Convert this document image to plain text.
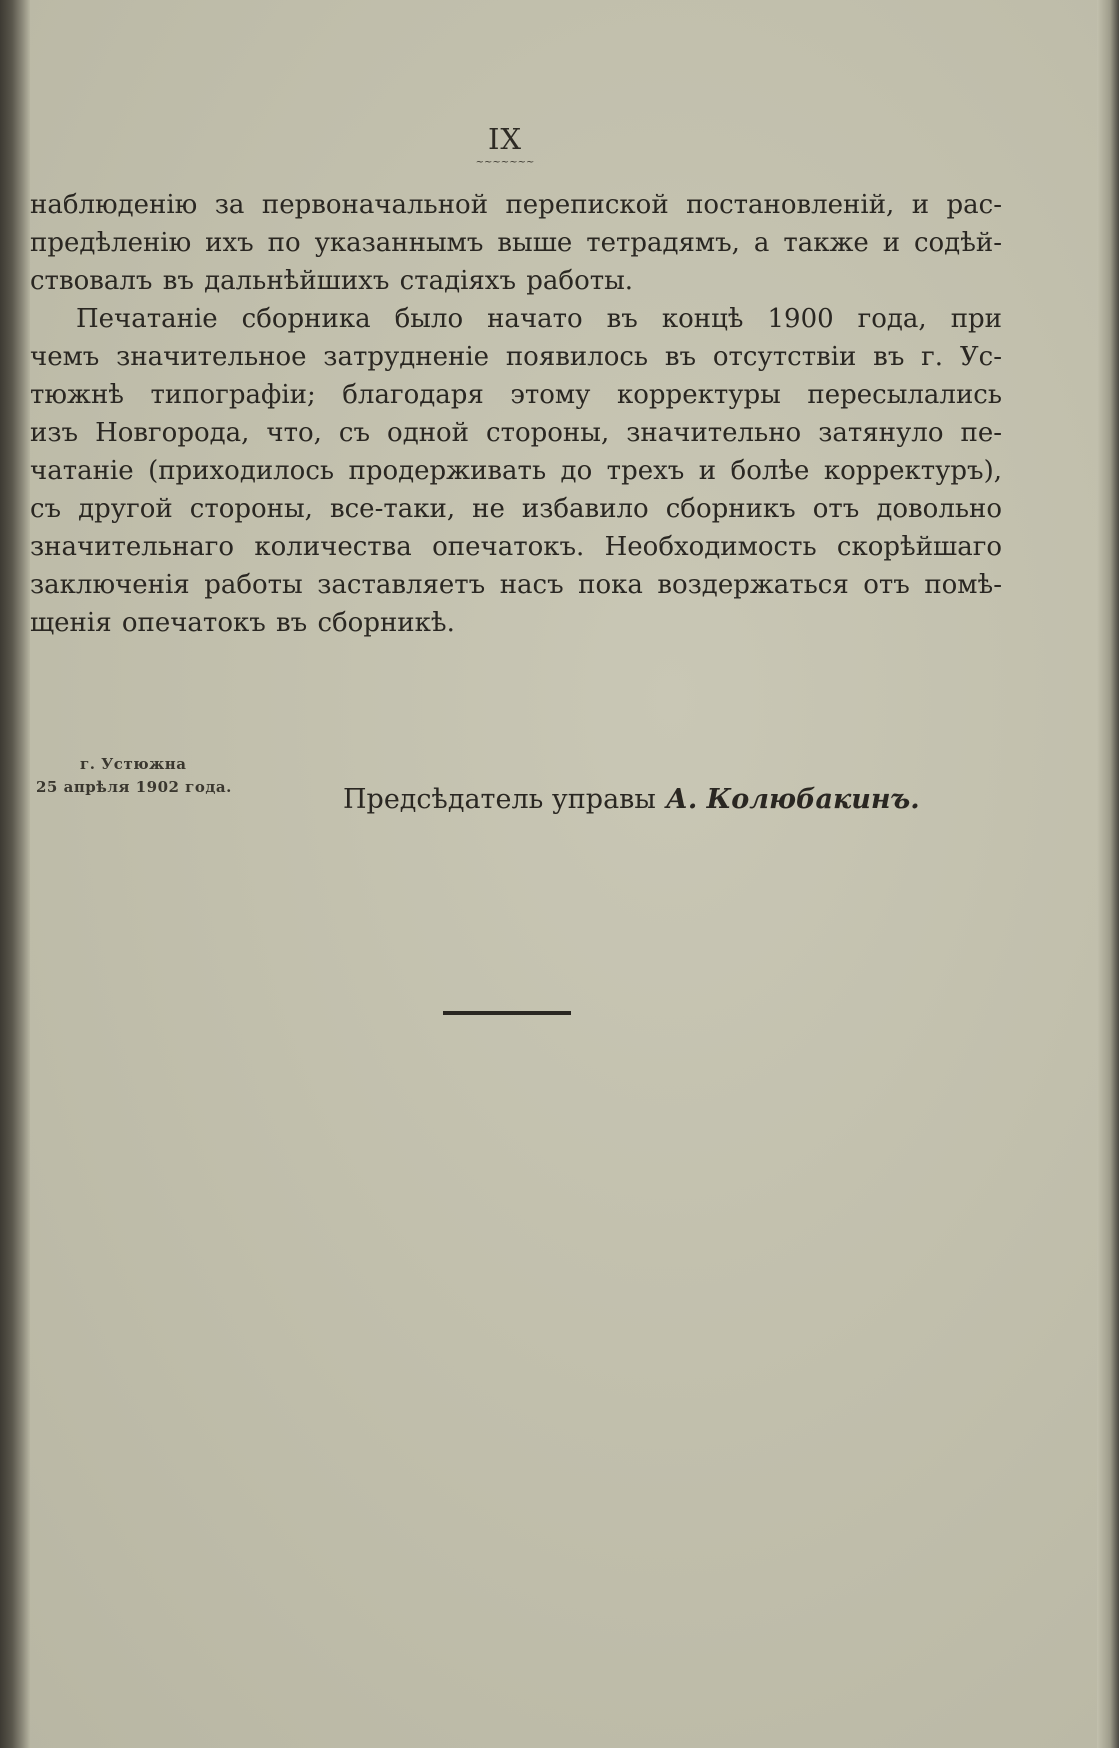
IX
~~~~~~~
наблюденію за первоначальной перепиской постановленій, и рас-
предѣленію ихъ по указаннымъ выше тетрадямъ, а также и содѣй-
ствовалъ въ дальнѣйшихъ стадіяхъ работы.
Печатаніе сборника было начато въ концѣ 1900 года, при
чемъ значительное затрудненіе появилось въ отсутствіи въ г. Ус-
тюжнѣ типографіи; благодаря этому корректуры пересылались
изъ Новгорода, что, съ одной стороны, значительно затянуло пе-
чатаніе (приходилось продерживать до трехъ и болѣе корректуръ),
съ другой стороны, все-таки, не избавило сборникъ отъ довольно
значительнаго количества опечатокъ. Необходимость скорѣйшаго
заключенія работы заставляетъ насъ пока воздержаться отъ помѣ-
щенія опечатокъ въ сборникѣ.
г. Устюжна
25 апрѣля 1902 года.	Предсѣдатель управы А. Колюбакинъ.
